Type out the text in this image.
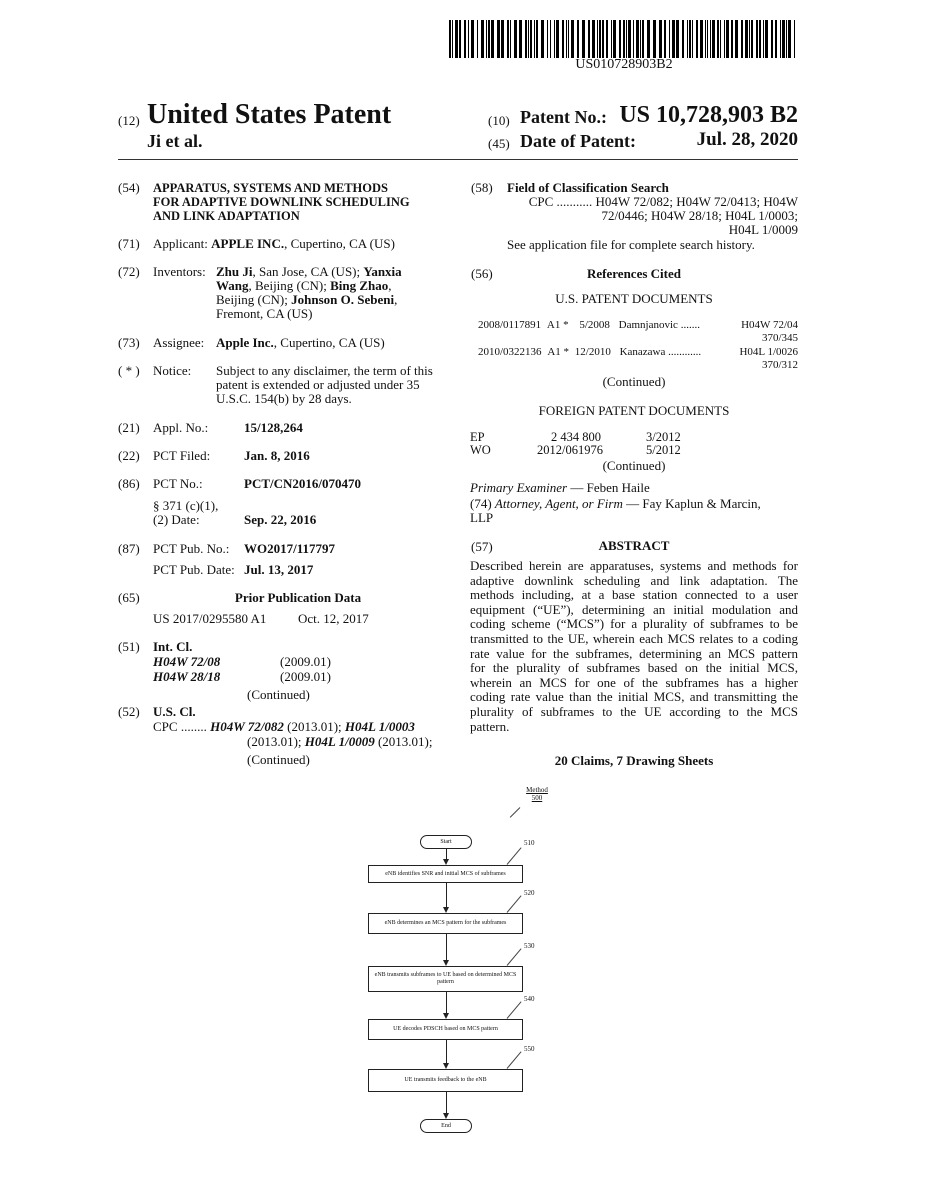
US010728903B2
(12) United States Patent
Ji et al.
(10) Patent No.: US 10,728,903 B2
(45) Date of Patent:	Jul. 28, 2020
(54) APPARATUS, SYSTEMS AND METHODS
FOR ADAPTIVE DOWNLINK SCHEDULING
AND LINK ADAPTATION
(71) Applicant: APPLE INC., Cupertino, CA (US)
(72) Inventors: Zhu Ji, San Jose, CA (US); Yanxia
Wang, Beijing (CN); Bing Zhao,
Beijing (CN); Johnson O. Sebeni,
Fremont, CA (US)
(73) Assignee: Apple Inc., Cupertino, CA (US)
( * ) Notice: Subject to any disclaimer, the term of this
patent is extended or adjusted under 35
U.S.C. 154(b) by 28 days.
(21) Appl. No.:	15/128,264
(22) PCT Filed:	Jan. 8, 2016
(86) PCT No.:	PCT/CN2016/070470
§ 371 (c)(1),
(2) Date:	Sep. 22, 2016
(87) PCT Pub. No.: WO2017/117797
PCT Pub. Date: Jul. 13, 2017
(65)	Prior Publication Data
US 2017/0295580 A1 Oct. 12, 2017
(51) Int. Cl.
H04W 72/08	(2009.01)
H04W 28/18	(2009.01)
(Continued)
(52) U.S. Cl.
CPC ........ H04W 72/082 (2013.01); H04L 1/0003
(2013.01); H04L 1/0009 (2013.01);
(Continued)
(58) Field of Classification Search
CPC ........... H04W 72/082; H04W 72/0413; H04W
72/0446; H04W 28/18; H04L 1/0003;
H04L 1/0009
See application file for complete search history.
(56)	References Cited
U.S. PATENT DOCUMENTS
2008/0117891 A1 * 5/2008 Damnjanovic .......	H04W 72/04
370/345
2010/0322136 A1 * 12/2010 Kanazawa ............	H04L 1/0026
370/312
(Continued)
FOREIGN PATENT DOCUMENTS
EP	2 434 800	3/2012
WO	2012/061976	5/2012
(Continued)
Primary Examiner — Feben Haile
(74) Attorney, Agent, or Firm — Fay Kaplun & Marcin,
LLP
(57)	ABSTRACT
Described herein are apparatuses, systems and methods for
adaptive downlink scheduling and link adaptation. The
methods including, at a base station connected to a user
equipment (“UE”), determining an initial modulation and
coding scheme (“MCS”) for a plurality of subframes to be
transmitted to the UE, wherein each MCS relates to a coding
rate value for the subframes, determining an MCS pattern
for the plurality of subframes based on the initial MCS,
wherein an MCS for one of the subframes has a higher
coding rate value than the initial MCS, and transmitting the
plurality of subframes to the UE according to the MCS
pattern.
20 Claims, 7 Drawing Sheets
Method
500
Start
eNB identifies SNR and initial MCS of subframes
510
eNB determines an MCS pattern for the subframes
520
eNB transmits subframes to UE based on determined MCS pattern
530
UE decodes PDSCH based on MCS pattern
540
UE transmits feedback to the eNB
550
End
